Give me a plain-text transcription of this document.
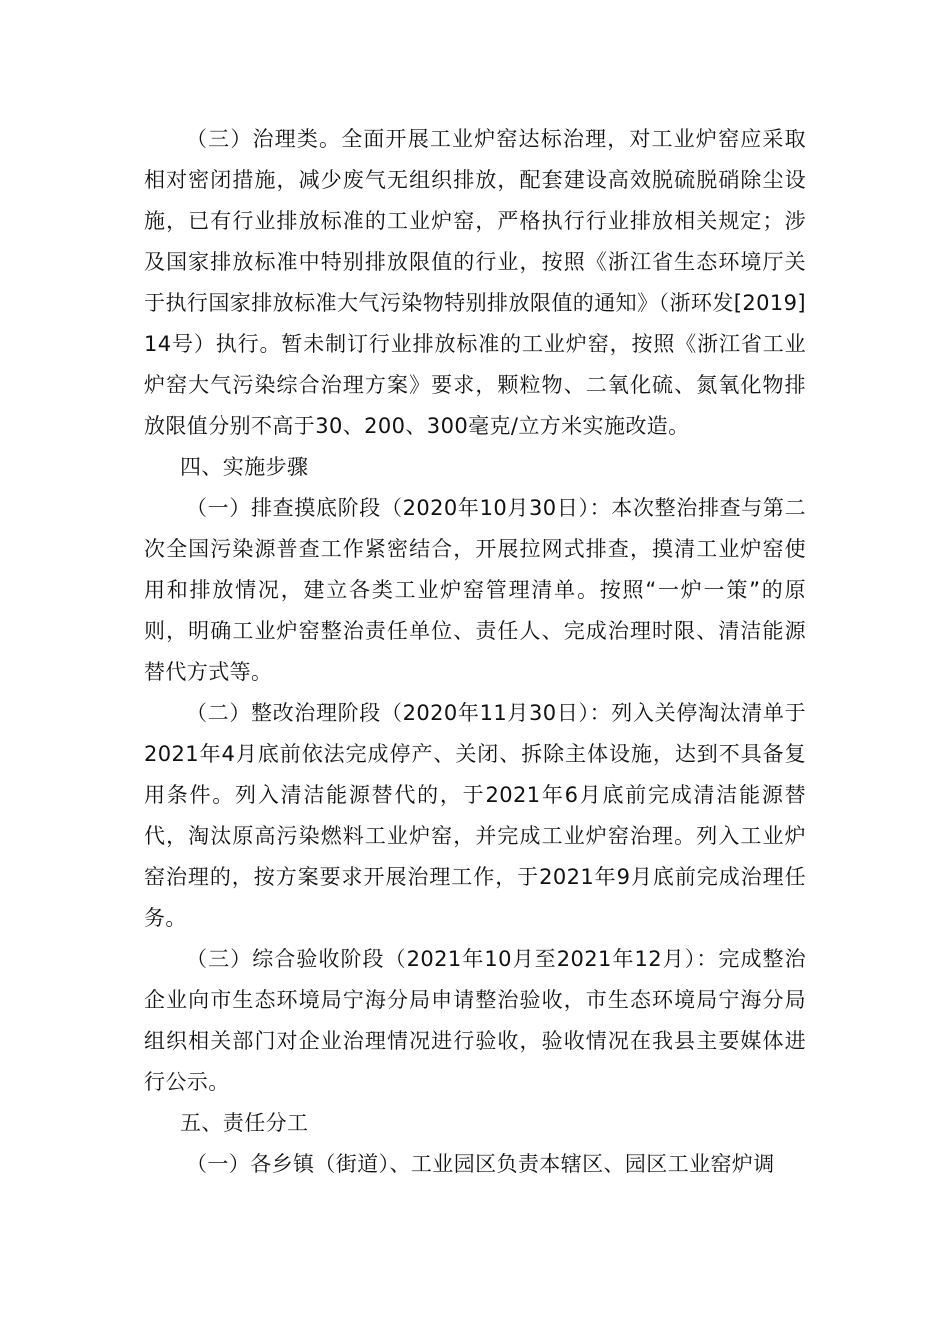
（三）治理类。全面开展工业炉窑达标治理，对工业炉窑应采取相对密闭措施，减少废气无组织排放，配套建设高效脱硫脱硝除尘设施，已有行业排放标准的工业炉窑，严格执行行业排放相关规定；涉及国家排放标准中特别排放限值的行业，按照《浙江省生态环境厅关于执行国家排放标准大气污染物特别排放限值的通知》（浙环发[2019]14号）执行。暂未制订行业排放标准的工业炉窑，按照《浙江省工业炉窑大气污染综合治理方案》要求，颗粒物、二氧化硫、氮氧化物排放限值分别不高于30、200、300毫克/立方米实施改造。

四、实施步骤

（一）排查摸底阶段（2020年10月30日）：本次整治排查与第二次全国污染源普查工作紧密结合，开展拉网式排查，摸清工业炉窑使用和排放情况，建立各类工业炉窑管理清单。按照“一炉一策”的原则，明确工业炉窑整治责任单位、责任人、完成治理时限、清洁能源替代方式等。

（二）整改治理阶段（2020年11月30日）：列入关停淘汰清单于2021年4月底前依法完成停产、关闭、拆除主体设施，达到不具备复用条件。列入清洁能源替代的，于2021年6月底前完成清洁能源替代，淘汰原高污染燃料工业炉窑，并完成工业炉窑治理。列入工业炉窑治理的，按方案要求开展治理工作，于2021年9月底前完成治理任务。

（三）综合验收阶段（2021年10月至2021年12月）：完成整治企业向市生态环境局宁海分局申请整治验收，市生态环境局宁海分局组织相关部门对企业治理情况进行验收，验收情况在我县主要媒体进行公示。

五、责任分工

（一）各乡镇（街道）、工业园区负责本辖区、园区工业窑炉调
